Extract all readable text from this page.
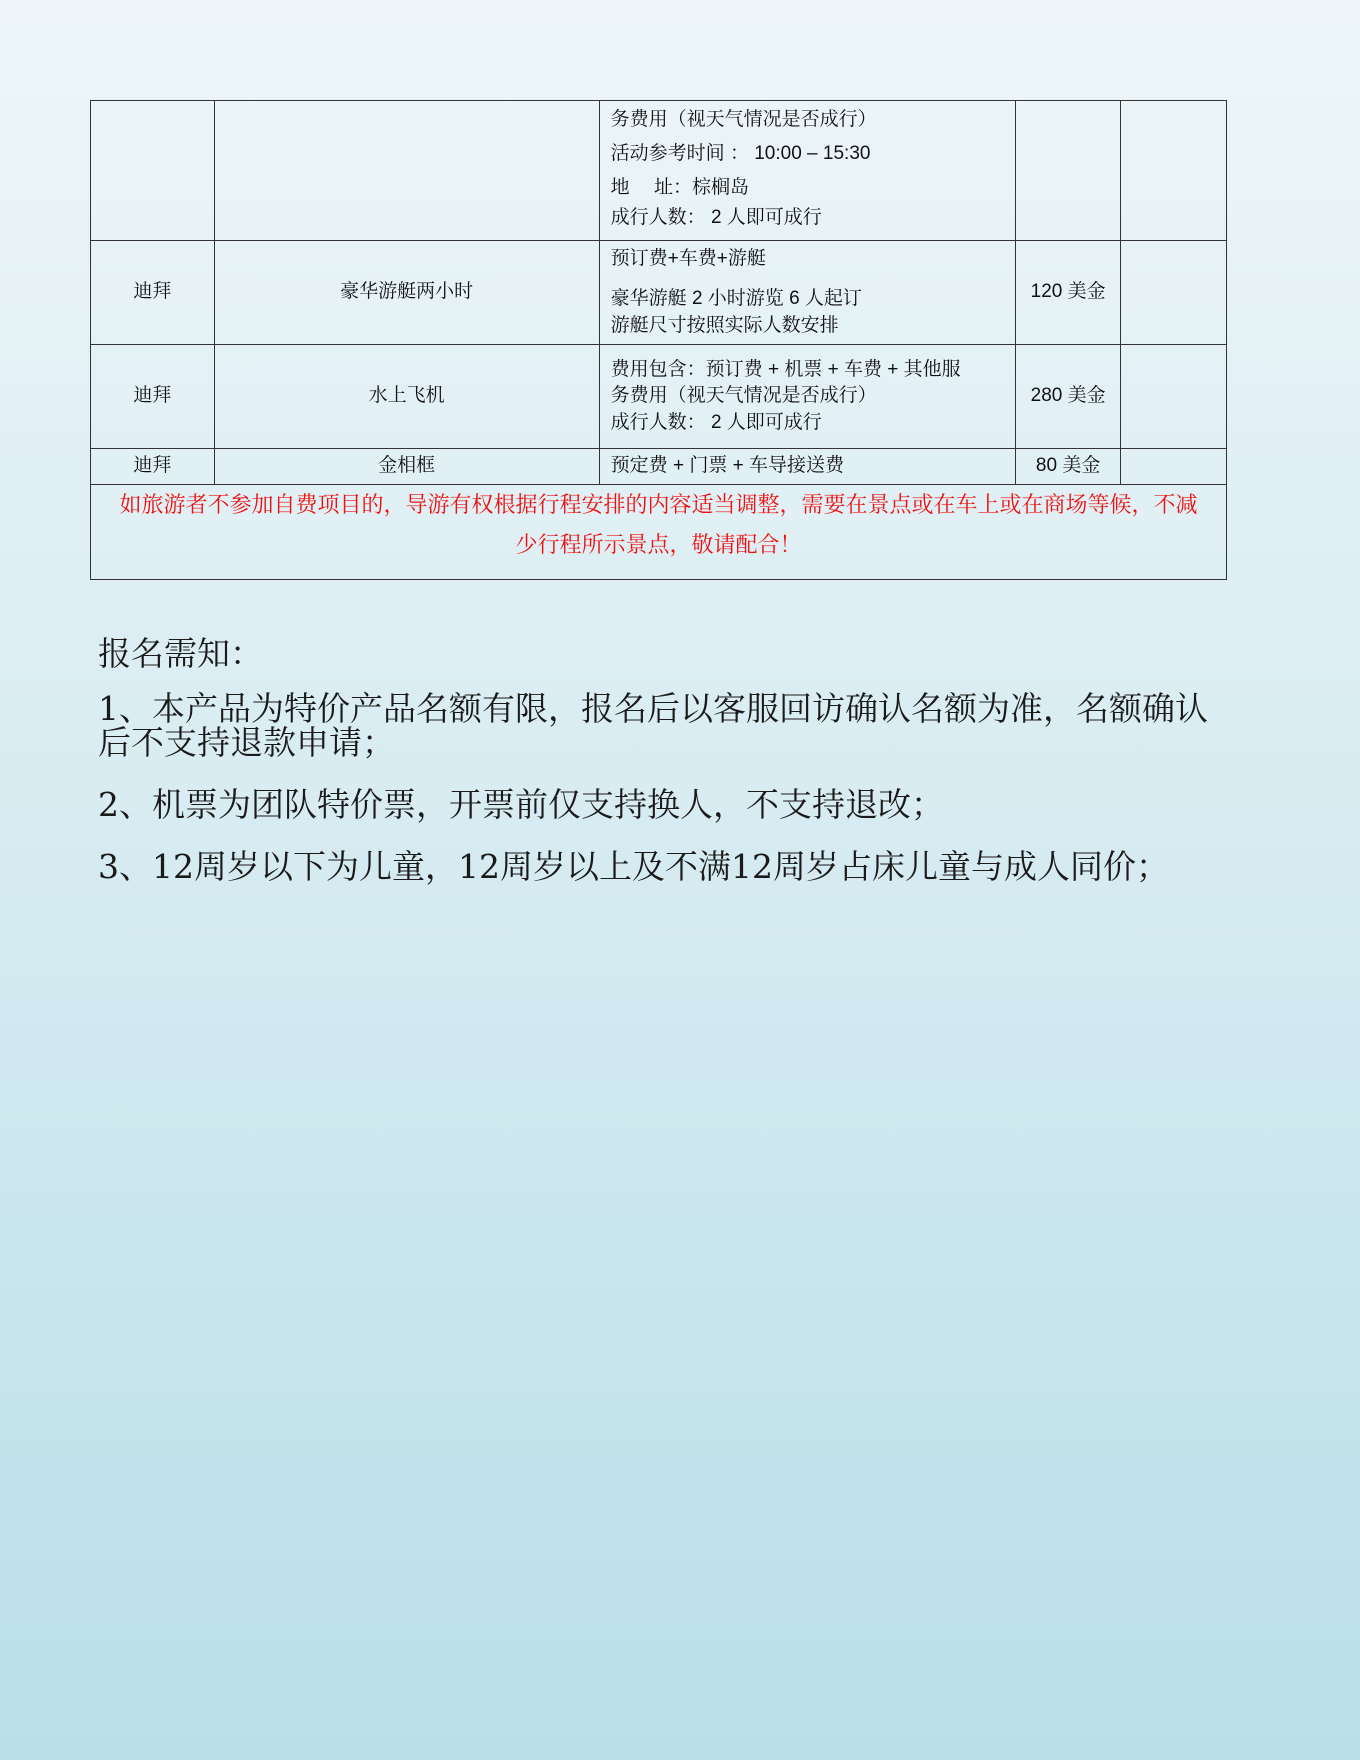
		务费用（视天气情况是否成行）
活动参考时间 ： 10:00 – 15:30
地　 址：棕榈岛
成行人数： 2 人即可成行		

迪拜	豪华游艇两小时	预订费+车费+游艇
豪华游艇 2 小时游览 6 人起订
游艇尺寸按照实际人数安排	120 美金	
迪拜	水上飞机	费用包含：预订费 + 机票 + 车费 + 其他服
务费用（视天气情况是否成行）
成行人数： 2 人即可成行	280 美金	
迪拜	金相框	预定费 + 门票 + 车导接送费	80 美金	

如旅游者不参加自费项目的，导游有权根据行程安排的内容适当调整，需要在景点或在车上或在商场等候，不减
少行程所示景点，敬请配合！				
报名需知：
1、本产品为特价产品名额有限，报名后以客服回访确认名额为准，名额确认后不支持退款申请；
2、机票为团队特价票，开票前仅支持换人，不支持退改；
3、12周岁以下为儿童，12周岁以上及不满12周岁占床儿童与成人同价；
